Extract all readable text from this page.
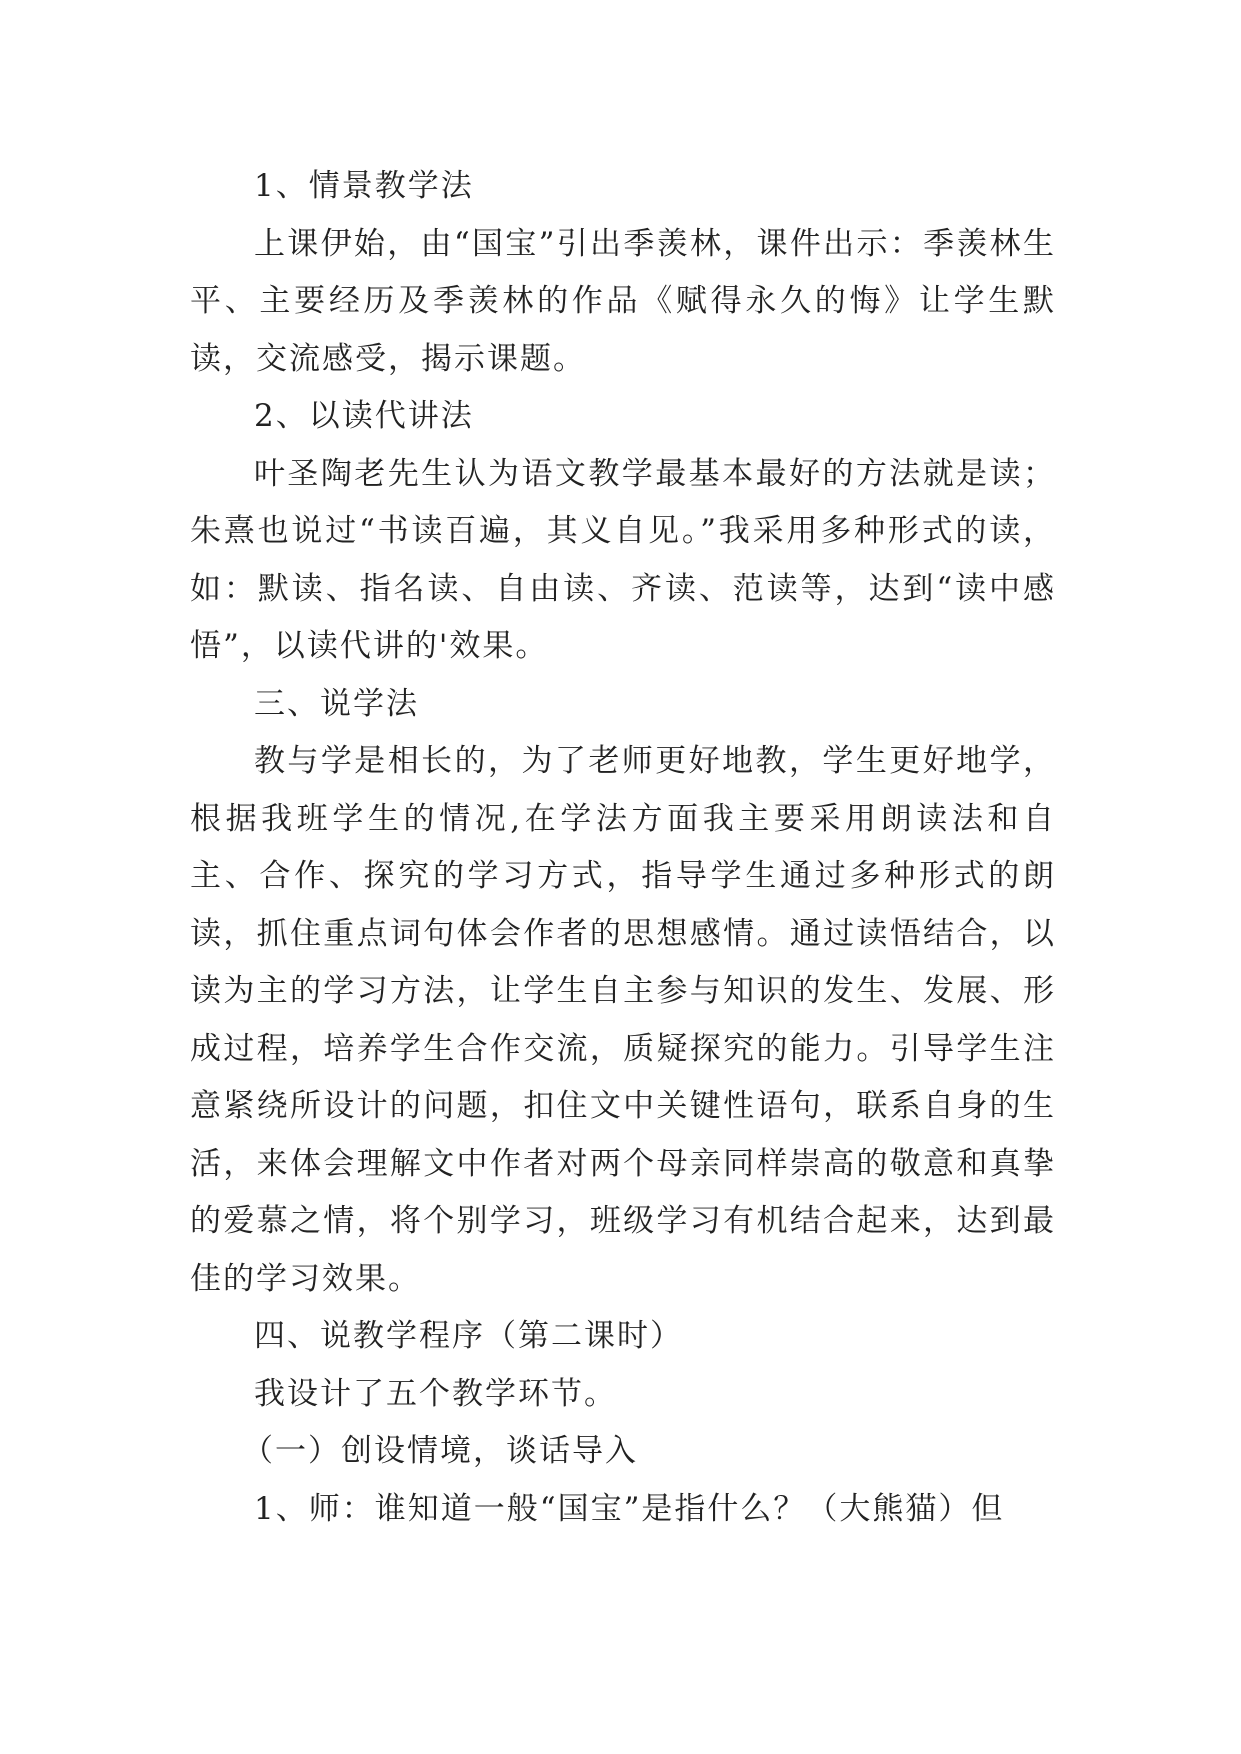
1、情景教学法

上课伊始，由“国宝”引出季羡林，课件出示：季羡林生平、主要经历及季羡林的作品《赋得永久的悔》让学生默读，交流感受，揭示课题。

2、以读代讲法

叶圣陶老先生认为语文教学最基本最好的方法就是读；朱熹也说过“书读百遍，其义自见。”我采用多种形式的读，如：默读、指名读、自由读、齐读、范读等，达到“读中感悟”，以读代讲的'效果。

三、说学法

教与学是相长的，为了老师更好地教，学生更好地学，根据我班学生的情况,在学法方面我主要采用朗读法和自主、合作、探究的学习方式，指导学生通过多种形式的朗读，抓住重点词句体会作者的思想感情。通过读悟结合，以读为主的学习方法，让学生自主参与知识的发生、发展、形成过程，培养学生合作交流，质疑探究的能力。引导学生注意紧绕所设计的问题，扣住文中关键性语句，联系自身的生活，来体会理解文中作者对两个母亲同样崇高的敬意和真挚的爱慕之情，将个别学习，班级学习有机结合起来，达到最佳的学习效果。

四、说教学程序（第二课时）

我设计了五个教学环节。

（一）创设情境，谈话导入

1、师：谁知道一般“国宝”是指什么？（大熊猫）但
